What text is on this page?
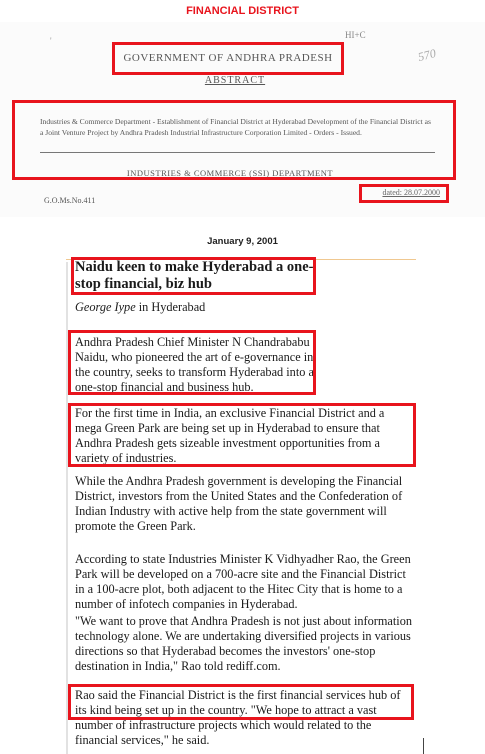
FINANCIAL DISTRICT
'
HI+C
570
GOVERNMENT OF ANDHRA PRADESH
ABSTRACT
Industries & Commerce Department - Establishment of Financial District at Hyderabad Development of the Financial District as a Joint Venture Project by Andhra Pradesh Industrial Infrastructure Corporation Limited - Orders - Issued.
INDUSTRIES & COMMERCE (SSI) DEPARTMENT
G.O.Ms.No.411
dated: 28.07.2000
January 9, 2001
Naidu keen to make Hyderabad a one-stop financial, biz hub
George Iype in Hyderabad
Andhra Pradesh Chief Minister N Chandrababu Naidu, who pioneered the art of e-governance in the country, seeks to transform Hyderabad into a one-stop financial and business hub.
For the first time in India, an exclusive Financial District and a mega Green Park are being set up in Hyderabad to ensure that Andhra Pradesh gets sizeable investment opportunities from a variety of industries.
While the Andhra Pradesh government is developing the Financial District, investors from the United States and the Confederation of Indian Industry with active help from the state government will promote the Green Park.
According to state Industries Minister K Vidhyadher Rao, the Green Park will be developed on a 700-acre site and the Financial District in a 100-acre plot, both adjacent to the Hitec City that is home to a number of infotech companies in Hyderabad.
"We want to prove that Andhra Pradesh is not just about information technology alone. We are undertaking diversified projects in various directions so that Hyderabad becomes the investors' one-stop destination in India," Rao told rediff.com.
Rao said the Financial District is the first financial services hub of its kind being set up in the country. "We hope to attract a vast number of infrastructure projects which would related to the financial services," he said.
